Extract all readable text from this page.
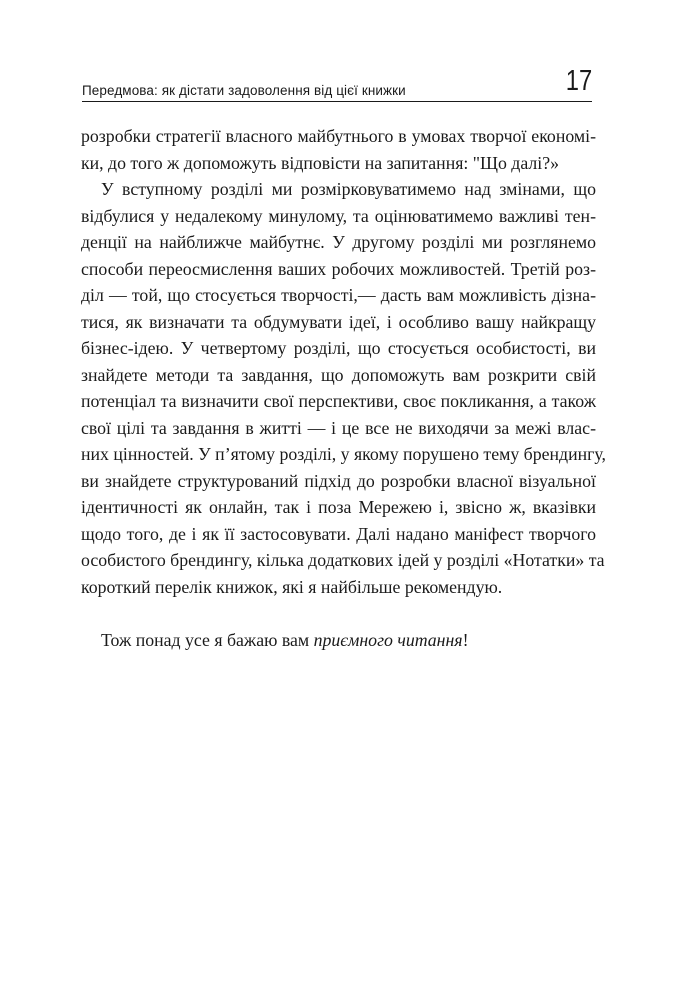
Передмова: як дістати задоволення від цієї книжки	17
розробки стратегії власного майбутнього в умовах творчої економі-
ки, до того ж допоможуть відповісти на запитання: "Що далі?»
У вступному розділі ми розмірковуватимемо над змінами, що
відбулися у недалекому минулому, та оцінюватимемо важливі тен-
денції на найближче майбутнє. У другому розділі ми розглянемо
способи переосмислення ваших робочих можливостей. Третій роз-
діл — той, що стосується творчості,— дасть вам можливість дізна-
тися, як визначати та обдумувати ідеї, і особливо вашу найкращу
бізнес-ідею. У четвертому розділі, що стосується особистості, ви
знайдете методи та завдання, що допоможуть вам розкрити свій
потенціал та визначити свої перспективи, своє покликання, а також
свої цілі та завдання в житті — і це все не виходячи за межі влас-
них цінностей. У п’ятому розділі, у якому порушено тему брендингу,
ви знайдете структурований підхід до розробки власної візуальної
ідентичності як онлайн, так і поза Мережею і, звісно ж, вказівки
щодо того, де і як її застосовувати. Далі надано маніфест творчого
особистого брендингу, кілька додаткових ідей у розділі «Нотатки» та
короткий перелік книжок, які я найбільше рекомендую.
Тож понад усе я бажаю вам приємного читання!
